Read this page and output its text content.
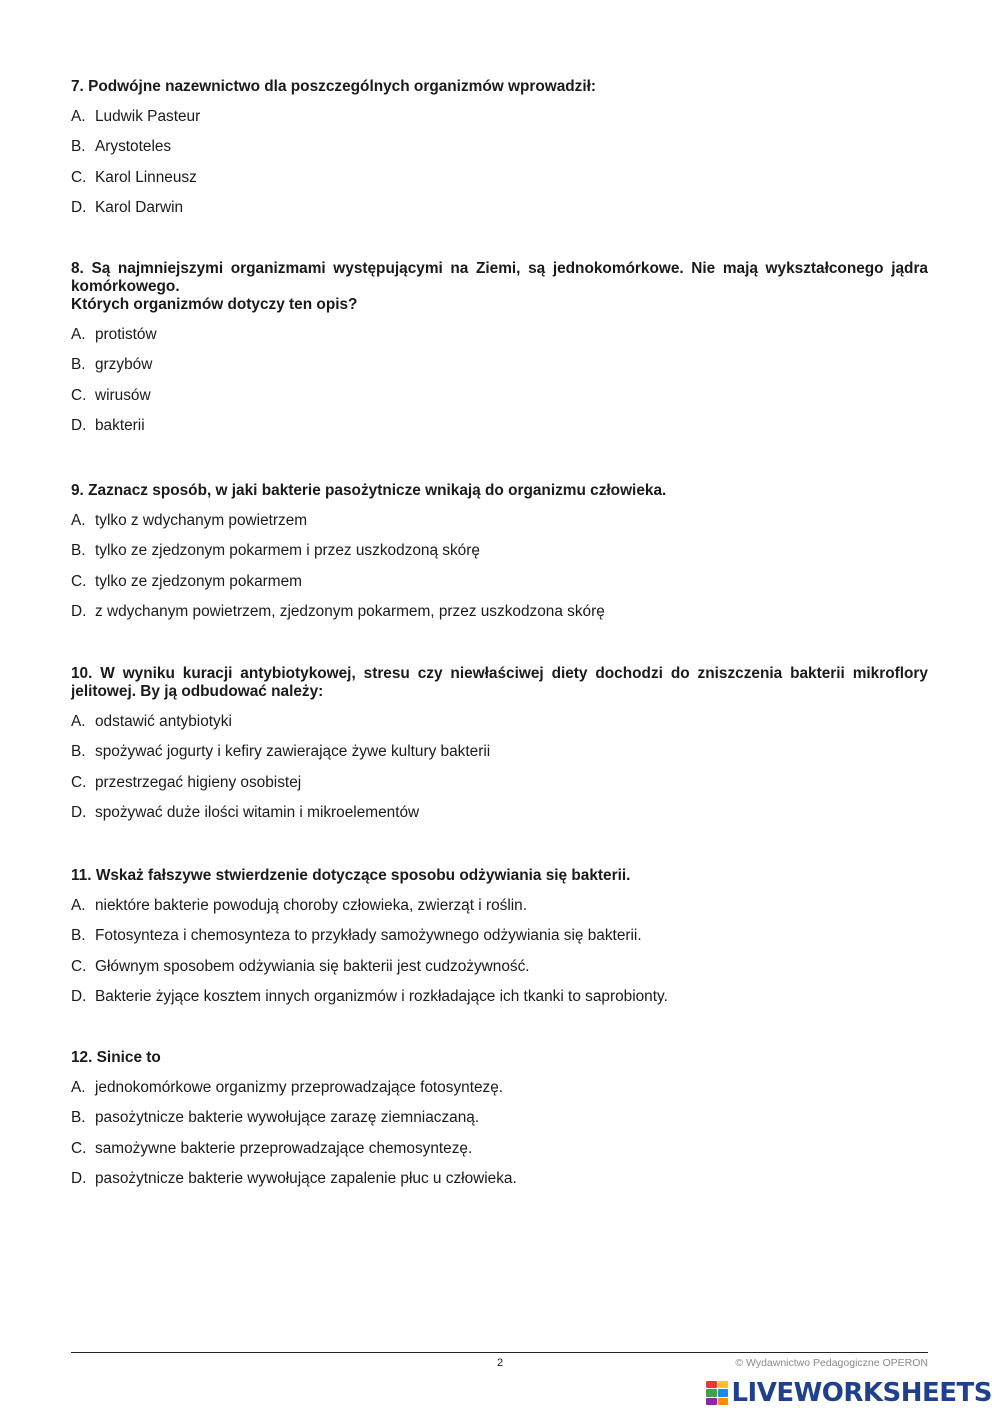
7. Podwójne nazewnictwo dla poszczególnych organizmów wprowadził:

A. Ludwik Pasteur
B. Arystoteles
C. Karol Linneusz
D. Karol Darwin

8. Są najmniejszymi organizmami występującymi na Ziemi, są jednokomórkowe. Nie mają wykształconego jądra
komórkowego.
Których organizmów dotyczy ten opis?

A. protistów
B. grzybów
C. wirusów
D. bakterii

9. Zaznacz sposób, w jaki bakterie pasożytnicze wnikają do organizmu człowieka.

A. tylko z wdychanym powietrzem
B. tylko ze zjedzonym pokarmem i przez uszkodzoną skórę
C. tylko ze zjedzonym pokarmem
D. z wdychanym powietrzem, zjedzonym pokarmem, przez uszkodzona skórę

10. W wyniku kuracji antybiotykowej, stresu czy niewłaściwej diety dochodzi do zniszczenia bakterii mikroflory
jelitowej. By ją odbudować należy:

A. odstawić antybiotyki
B. spożywać jogurty i kefiry zawierające żywe kultury bakterii
C. przestrzegać higieny osobistej
D. spożywać duże ilości witamin i mikroelementów

11. Wskaż fałszywe stwierdzenie dotyczące sposobu odżywiania się bakterii.

A. niektóre bakterie powodują choroby człowieka, zwierząt i roślin.
B. Fotosynteza i chemosynteza to przykłady samożywnego odżywiania się bakterii.
C. Głównym sposobem odżywiania się bakterii jest cudzożywność.
D. Bakterie żyjące kosztem innych organizmów i rozkładające ich tkanki to saprobionty.

12. Sinice to

A. jednokomórkowe organizmy przeprowadzające fotosyntezę.
B. pasożytnicze bakterie wywołujące zarazę ziemniaczaną.
C. samożywne bakterie przeprowadzające chemosyntezę.
D. pasożytnicze bakterie wywołujące zapalenie płuc u człowieka.
2	© Wydawnictwo Pedagogiczne OPERON
LIVEWORKSHEETS
